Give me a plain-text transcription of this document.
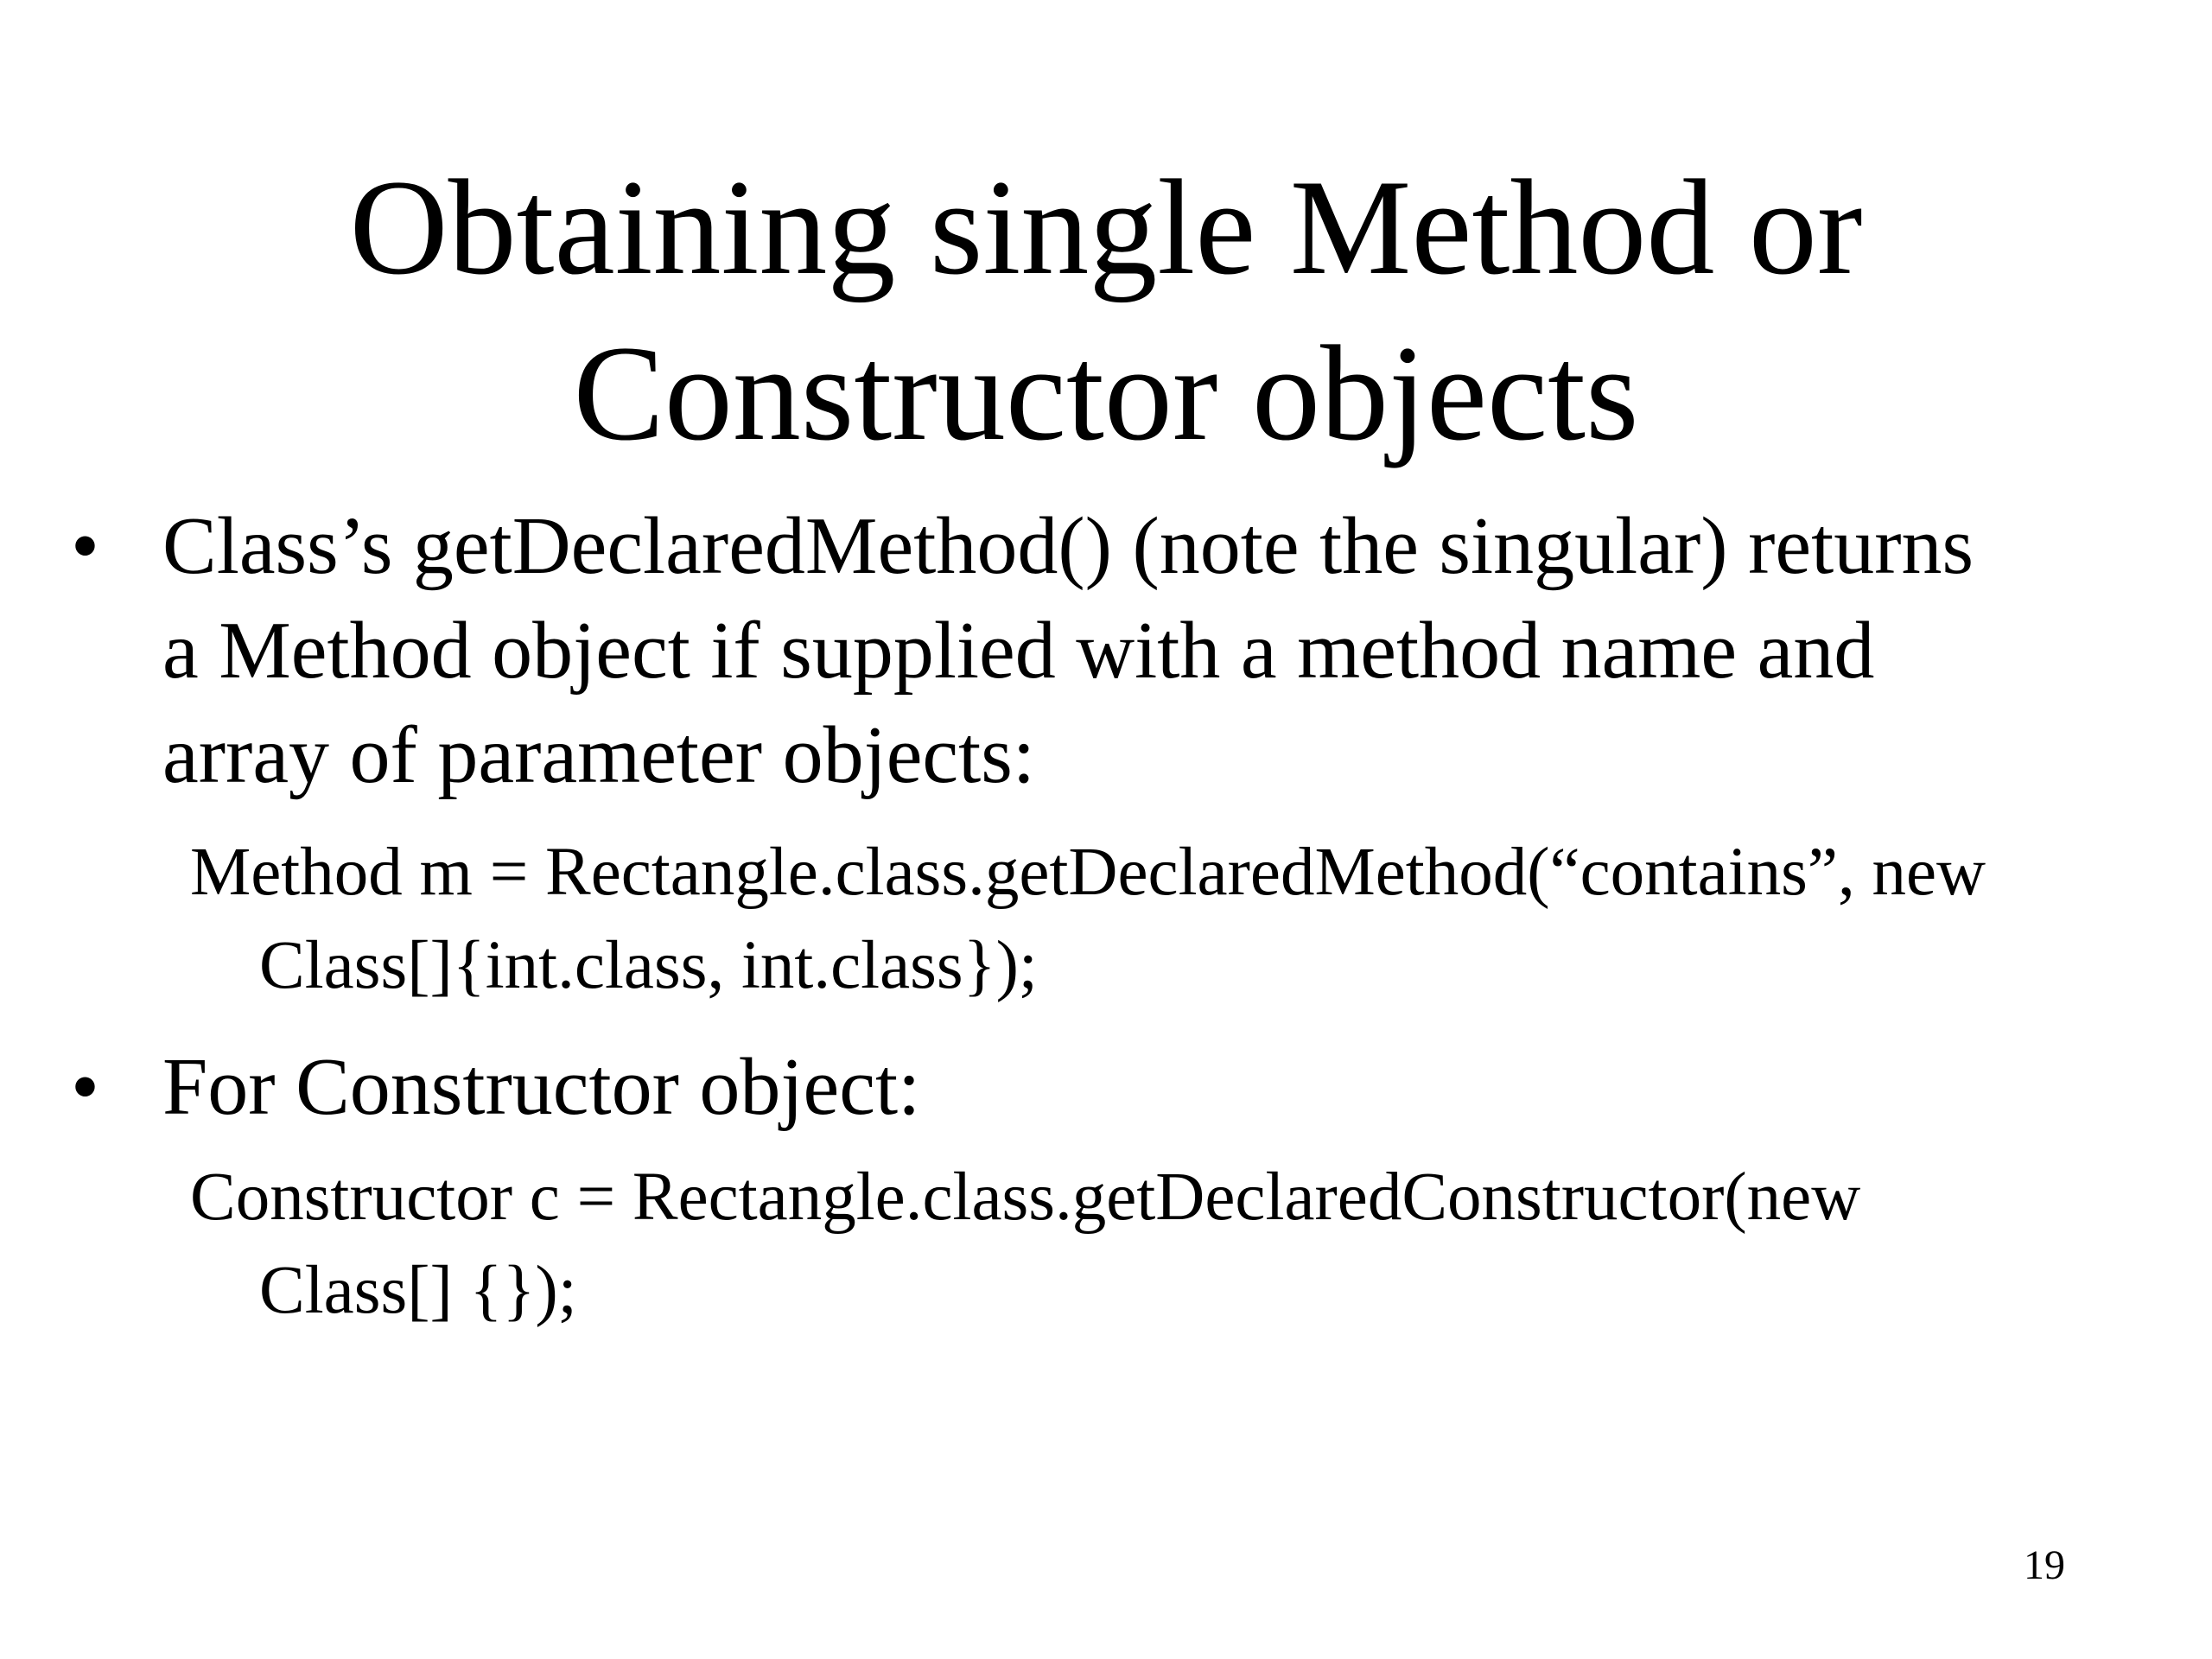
Obtaining single Method or
Constructor objects
• Class’s getDeclaredMethod() (note the singular) returns
a Method object if supplied with a method name and
array of parameter objects:
Method m = Rectangle.class.getDeclaredMethod(“contains”, new
Class[]{int.class, int.class});
• For Constructor object:
Constructor c = Rectangle.class.getDeclaredConstructor(new
Class[] {});
19
